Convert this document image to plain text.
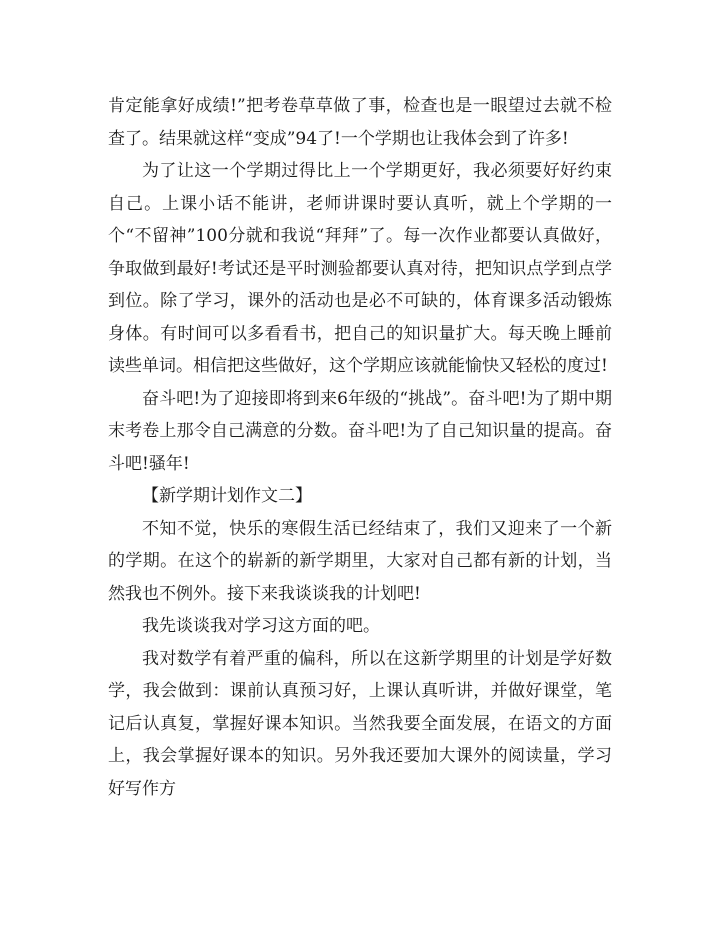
肯定能拿好成绩!”把考卷草草做了事，检查也是一眼望过去就不检查了。结果就这样“变成”94了!一个学期也让我体会到了许多!

为了让这一个学期过得比上一个学期更好，我必须要好好约束自己。上课小话不能讲，老师讲课时要认真听，就上个学期的一个“不留神”100分就和我说“拜拜”了。每一次作业都要认真做好，争取做到最好!考试还是平时测验都要认真对待，把知识点学到点学到位。除了学习，课外的活动也是必不可缺的，体育课多活动锻炼身体。有时间可以多看看书，把自己的知识量扩大。每天晚上睡前读些单词。相信把这些做好，这个学期应该就能愉快又轻松的度过!

奋斗吧!为了迎接即将到来6年级的“挑战”。奋斗吧!为了期中期末考卷上那令自己满意的分数。奋斗吧!为了自己知识量的提高。奋斗吧!骚年!

【新学期计划作文二】

不知不觉，快乐的寒假生活已经结束了，我们又迎来了一个新的学期。在这个的崭新的新学期里，大家对自己都有新的计划，当然我也不例外。接下来我谈谈我的计划吧!

我先谈谈我对学习这方面的吧。

我对数学有着严重的偏科，所以在这新学期里的计划是学好数学，我会做到：课前认真预习好，上课认真听讲，并做好课堂，笔记后认真复，掌握好课本知识。当然我要全面发展，在语文的方面上，我会掌握好课本的知识。另外我还要加大课外的阅读量，学习好写作方
